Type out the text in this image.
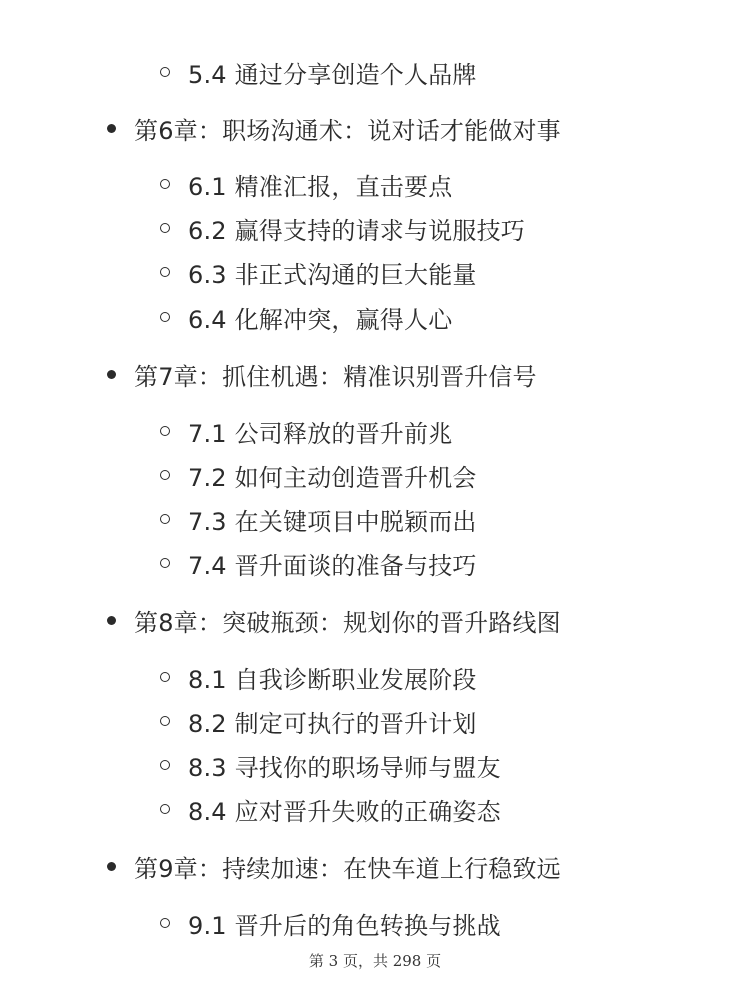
5.4 通过分享创造个人品牌
第6章：职场沟通术：说对话才能做对事
6.1 精准汇报，直击要点
6.2 赢得支持的请求与说服技巧
6.3 非正式沟通的巨大能量
6.4 化解冲突，赢得人心
第7章：抓住机遇：精准识别晋升信号
7.1 公司释放的晋升前兆
7.2 如何主动创造晋升机会
7.3 在关键项目中脱颖而出
7.4 晋升面谈的准备与技巧
第8章：突破瓶颈：规划你的晋升路线图
8.1 自我诊断职业发展阶段
8.2 制定可执行的晋升计划
8.3 寻找你的职场导师与盟友
8.4 应对晋升失败的正确姿态
第9章：持续加速：在快车道上行稳致远
9.1 晋升后的角色转换与挑战
第 3 页，共 298 页
